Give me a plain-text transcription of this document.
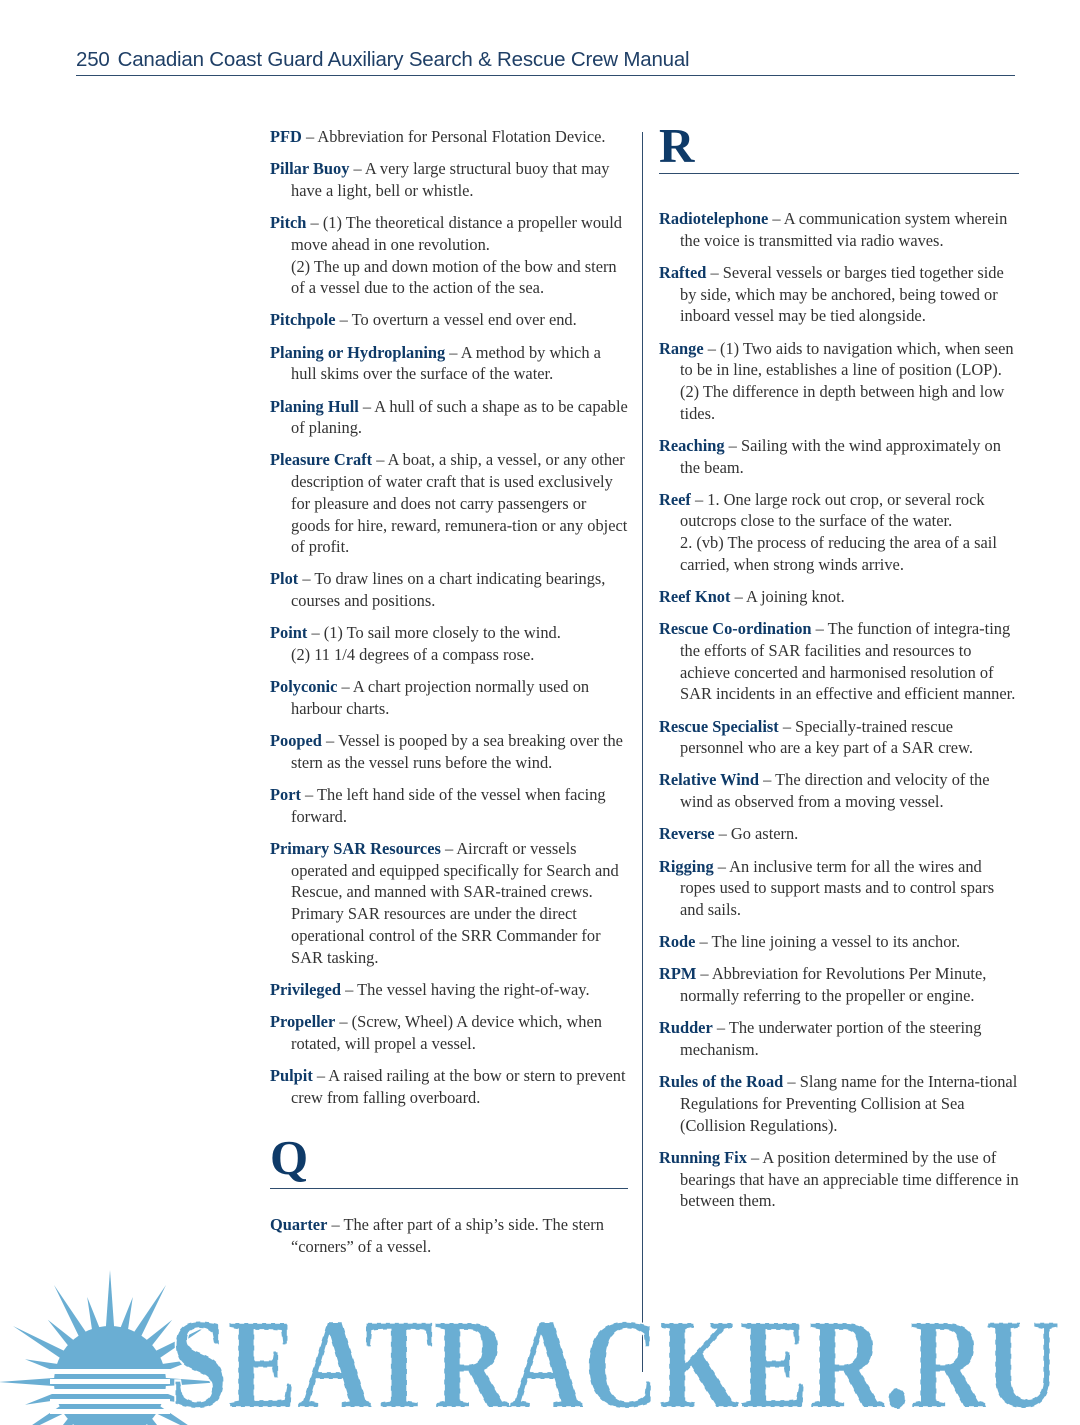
250 Canadian Coast Guard Auxiliary Search & Rescue Crew Manual

PFD – Abbreviation for Personal Flotation Device.

Pillar Buoy – A very large structural buoy that may have a light, bell or whistle.

Pitch – (1) The theoretical distance a propeller would move ahead in one revolution.
(2) The up and down motion of the bow and stern of a vessel due to the action of the sea.

Pitchpole – To overturn a vessel end over end.

Planing or Hydroplaning – A method by which a hull skims over the surface of the water.

Planing Hull – A hull of such a shape as to be capable of planing.

Pleasure Craft – A boat, a ship, a vessel, or any other description of water craft that is used exclusively for pleasure and does not carry passengers or goods for hire, reward, remunera-tion or any object of profit.

Plot – To draw lines on a chart indicating bearings, courses and positions.

Point – (1) To sail more closely to the wind.
(2) 11 1/4 degrees of a compass rose.

Polyconic – A chart projection normally used on harbour charts.

Pooped – Vessel is pooped by a sea breaking over the stern as the vessel runs before the wind.

Port – The left hand side of the vessel when facing forward.

Primary SAR Resources – Aircraft or vessels operated and equipped specifically for Search and Rescue, and manned with SAR-trained crews. Primary SAR resources are under the direct operational control of the SRR Commander for SAR tasking.

Privileged – The vessel having the right-of-way.

Propeller – (Screw, Wheel) A device which, when rotated, will propel a vessel.

Pulpit – A raised railing at the bow or stern to prevent crew from falling overboard.

Q

Quarter – The after part of a ship’s side. The stern “corners” of a vessel.

R

Radiotelephone – A communication system wherein the voice is transmitted via radio waves.

Rafted – Several vessels or barges tied together side by side, which may be anchored, being towed or inboard vessel may be tied alongside.

Range – (1) Two aids to navigation which, when seen to be in line, establishes a line of position (LOP). (2) The difference in depth between high and low tides.

Reaching – Sailing with the wind approximately on the beam.

Reef – 1. One large rock out crop, or several rock outcrops close to the surface of the water.
2. (vb) The process of reducing the area of a sail carried, when strong winds arrive.

Reef Knot – A joining knot.

Rescue Co-ordination – The function of integra-ting the efforts of SAR facilities and resources to achieve concerted and harmonised resolution of SAR incidents in an effective and efficient manner.

Rescue Specialist – Specially-trained rescue personnel who are a key part of a SAR crew.

Relative Wind – The direction and velocity of the wind as observed from a moving vessel.

Reverse – Go astern.

Rigging – An inclusive term for all the wires and ropes used to support masts and to control spars and sails.

Rode – The line joining a vessel to its anchor.

RPM – Abbreviation for Revolutions Per Minute, normally referring to the propeller or engine.

Rudder – The underwater portion of the steering mechanism.

Rules of the Road – Slang name for the Interna-tional Regulations for Preventing Collision at Sea (Collision Regulations).

Running Fix – A position determined by the use of bearings that have an appreciable time difference in between them.

SEATRACKER.RU
SEATRACKER.RU
